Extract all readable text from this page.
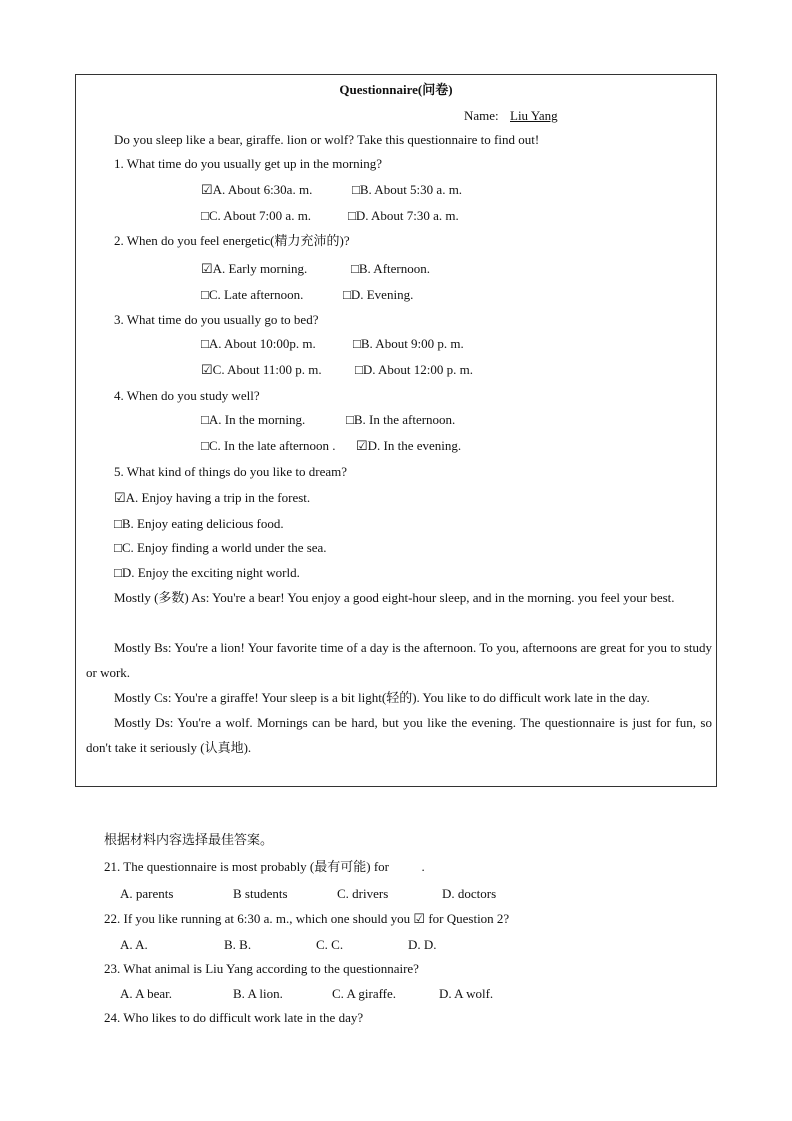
Questionnaire(问卷)
Name: Liu Yang
Do you sleep like a bear, giraffe. lion or wolf? Take this questionnaire to find out!
1. What time do you usually get up in the morning?
☑A. About 6:30a. m.	□B. About 5:30 a. m.
□C. About 7:00 a. m.	□D. About 7:30 a. m.
2. When do you feel energetic(精力充沛的)?
☑A. Early morning.	□B. Afternoon.
□C. Late afternoon.	□D. Evening.
3. What time do you usually go to bed?
□A. About 10:00p. m.	□B. About 9:00 p. m.
☑C. About 11:00 p. m.	□D. About 12:00 p. m.
4. When do you study well?
□A. In the morning.	□B. In the afternoon.
□C. In the late afternoon . ☑D. In the evening.
5. What kind of things do you like to dream?
☑A. Enjoy having a trip in the forest.
□B. Enjoy eating delicious food.
□C. Enjoy finding a world under the sea.
□D. Enjoy the exciting night world.
Mostly (多数) As: You're a bear! You enjoy a good eight-hour sleep, and in the morning. you feel your best.
Mostly Bs: You're a lion! Your favorite time of a day is the afternoon. To you, afternoons are great for you to study or work.
Mostly Cs: You're a giraffe! Your sleep is a bit light(轻的). You like to do difficult work late in the day.
Mostly Ds: You're a wolf. Mornings can be hard, but you like the evening. The questionnaire is just for fun, so don't take it seriously (认真地).
根据材料内容选择最佳答案。
21. The questionnaire is most probably (最有可能) for          .
A. parents	B students	C. drivers	D. doctors
22. If you like running at 6:30 a. m., which one should you ☑ for Question 2?
A. A.	B. B.	C. C.	D. D.
23. What animal is Liu Yang according to the questionnaire?
A. A bear.	B. A lion.	C. A giraffe.	D. A wolf.
24. Who likes to do difficult work late in the day?
